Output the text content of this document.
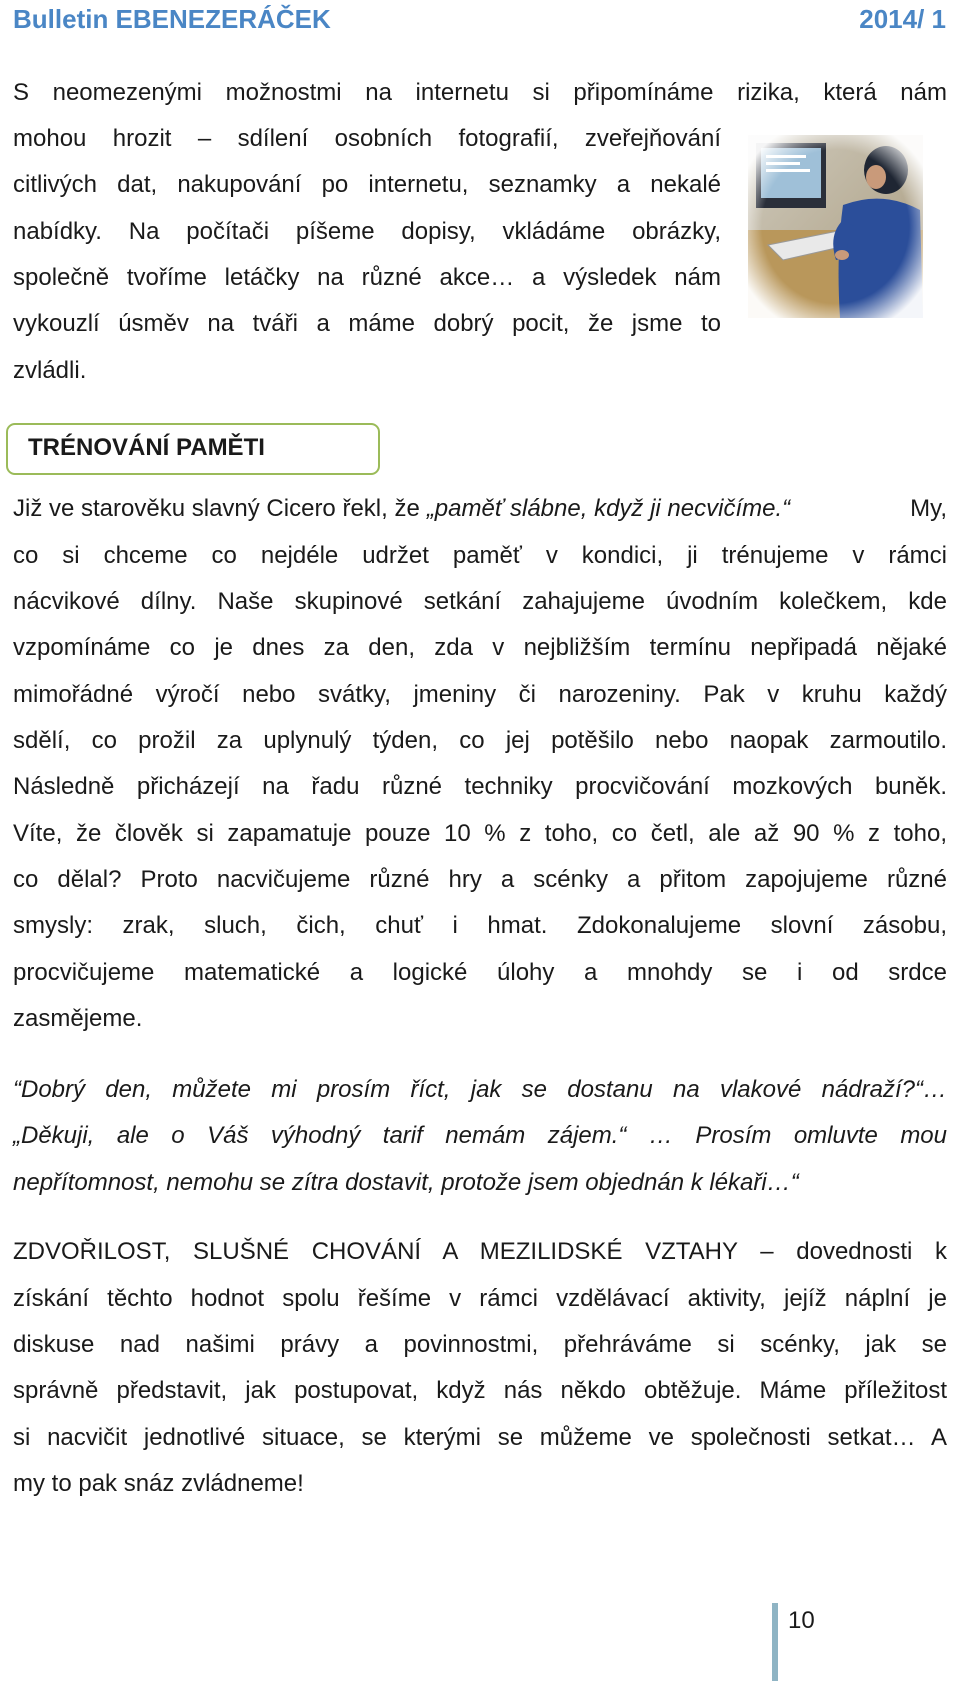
Bulletin EBENEZERÁČEK	2014/ 1

S neomezenými možnostmi na internetu si připomínáme rizika, která nám

mohou hrozit – sdílení osobních fotografií, zveřejňování

citlivých dat, nakupování po internetu, seznamky a nekalé

nabídky. Na počítači píšeme dopisy, vkládáme obrázky,

společně tvoříme letáčky na různé akce… a výsledek nám

vykouzlí úsměv na tváři a máme dobrý pocit, že jsme to

zvládli.

TRÉNOVÁNÍ PAMĚTI

Již ve starověku slavný Cicero řekl, že „paměť slábne, když ji necvičíme.“	My,

co si chceme co nejdéle udržet paměť v kondici, ji trénujeme v rámci

nácvikové dílny. Naše skupinové setkání zahajujeme úvodním kolečkem, kde

vzpomínáme co je dnes za den, zda v nejbližším termínu nepřipadá nějaké

mimořádné výročí nebo svátky, jmeniny či narozeniny. Pak v kruhu každý

sdělí, co prožil za uplynulý týden, co jej potěšilo nebo naopak zarmoutilo.

Následně přicházejí na řadu různé techniky procvičování mozkových buněk.

Víte, že člověk si zapamatuje pouze 10 % z toho, co četl, ale až 90 % z toho,

co dělal? Proto nacvičujeme různé hry a scénky a přitom zapojujeme různé

smysly: zrak, sluch, čich, chuť i hmat. Zdokonalujeme slovní zásobu,

procvičujeme matematické a logické úlohy a mnohdy se i od srdce

zasmějeme.

“Dobrý den, můžete mi prosím říct, jak se dostanu na vlakové nádraží?“…

„Děkuji, ale o Váš výhodný tarif nemám zájem.“ … Prosím omluvte mou

nepřítomnost, nemohu se zítra dostavit, protože jsem objednán k lékaři…“

ZDVOŘILOST, SLUŠNÉ CHOVÁNÍ A MEZILIDSKÉ VZTAHY – dovednosti k

získání těchto hodnot spolu řešíme v rámci vzdělávací aktivity, jejíž náplní je

diskuse nad našimi právy a povinnostmi, přehráváme si scénky, jak se

správně představit, jak postupovat, když nás někdo obtěžuje. Máme příležitost

si nacvičit jednotlivé situace, se kterými se můžeme ve společnosti setkat… A

my to pak snáz zvládneme!

10
